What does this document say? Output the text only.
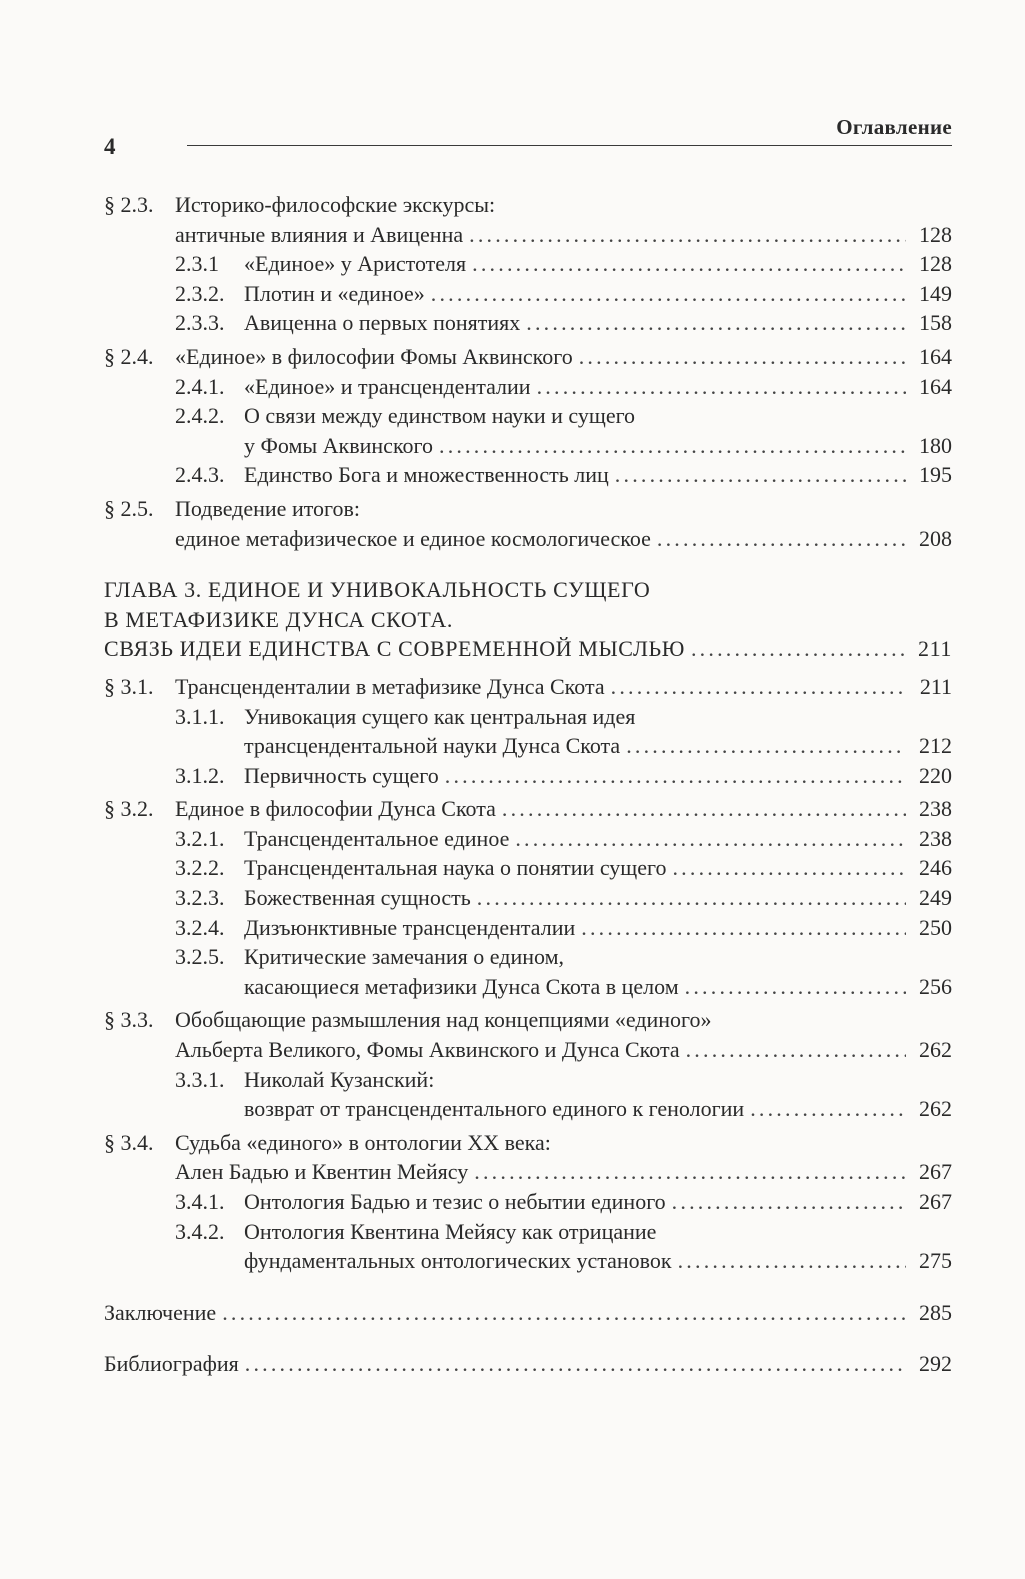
4
Оглавление
§ 2.3. Историко-философские экскурсы:
античные влияния и Авиценна .....	128
2.3.1	«Единое» у Аристотеля .....	128
2.3.2. Плотин и «единое» .....	149
2.3.3. Авиценна о первых понятиях .....	158
§ 2.4. «Единое» в философии Фомы Аквинского .....	164
2.4.1. «Единое» и трансценденталии .....	164
2.4.2. О связи между единством науки и сущего
у Фомы Аквинского .....	180
2.4.3. Единство Бога и множественность лиц .....	195
§ 2.5. Подведение итогов:
единое метафизическое и единое космологическое .....	208
ГЛАВА 3. ЕДИНОЕ И УНИВОКАЛЬНОСТЬ СУЩЕГО
В МЕТАФИЗИКЕ ДУНСА СКОТА.
СВЯЗЬ ИДЕИ ЕДИНСТВА С СОВРЕМЕННОЙ МЫСЛЬЮ .....	211
§ 3.1. Трансценденталии в метафизике Дунса Скота .....	211
3.1.1. Унивокация сущего как центральная идея
трансцендентальной науки Дунса Скота .....	212
3.1.2. Первичность сущего .....	220
§ 3.2. Единое в философии Дунса Скота .....	238
3.2.1. Трансцендентальное единое .....	238
3.2.2. Трансцендентальная наука о понятии сущего .....	246
3.2.3. Божественная сущность .....	249
3.2.4. Дизъюнктивные трансценденталии .....	250
3.2.5. Критические замечания о едином,
касающиеся метафизики Дунса Скота в целом .....	256
§ 3.3. Обобщающие размышления над концепциями «единого»
Альберта Великого, Фомы Аквинского и Дунса Скота .....	262
3.3.1. Николай Кузанский:
возврат от трансцендентального единого к генологии .....	262
§ 3.4. Судьба «единого» в онтологии XX века:
Ален Бадью и Квентин Мейясу .....	267
3.4.1. Онтология Бадью и тезис о небытии единого .....	267
3.4.2. Онтология Квентина Мейясу как отрицание
фундаментальных онтологических установок .....	275
Заключение .....	285
Библиография .....	292
